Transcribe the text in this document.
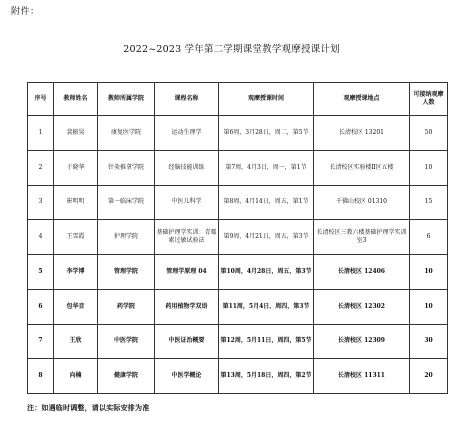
附件：
2022~2023 学年第二学期课堂教学观摩授课计划
序号	教师姓名	教师所属学院	课程名称	观摩授课时间	观摩授课地点	可接纳观摩人数

1	裴振昊	康复医学院	运动生理学	第6周，3月28日，周二，第5节	长清校区 13201	50
2	于晓华	针灸推拿学院	经脑技能训练	第7周，4月3日，周一，第1节	长清校区实验楼Ⅱ区五楼	10
3	崔明明	第一临床学院	中医儿科学	第8周，4月14日，周五，第1节	千佛山校区 01310	15
4	王雪霞	护理学院	基础护理学实训：青霉素过敏试验法	第9周，4月21日，周五，第3节	长清校区三教六楼基础护理学实训室3	6
5	李学博	管理学院	管理学原理 04	第10周，4月28日，周五，第3节	长清校区 12406	10
6	包华音	药学院	药用植物学双语	第11周，5月4日，周四，第3节	长清校区 12302	10
7	王欣	中医学院	中医证治概要	第12周，5月11日，周四，第5节	长清校区 12309	30
8	向楠	健康学院	中医学概论	第13周，5月18日，周四，第2节	长清校区 11311	20
注：如遇临时调整，请以实际安排为准
